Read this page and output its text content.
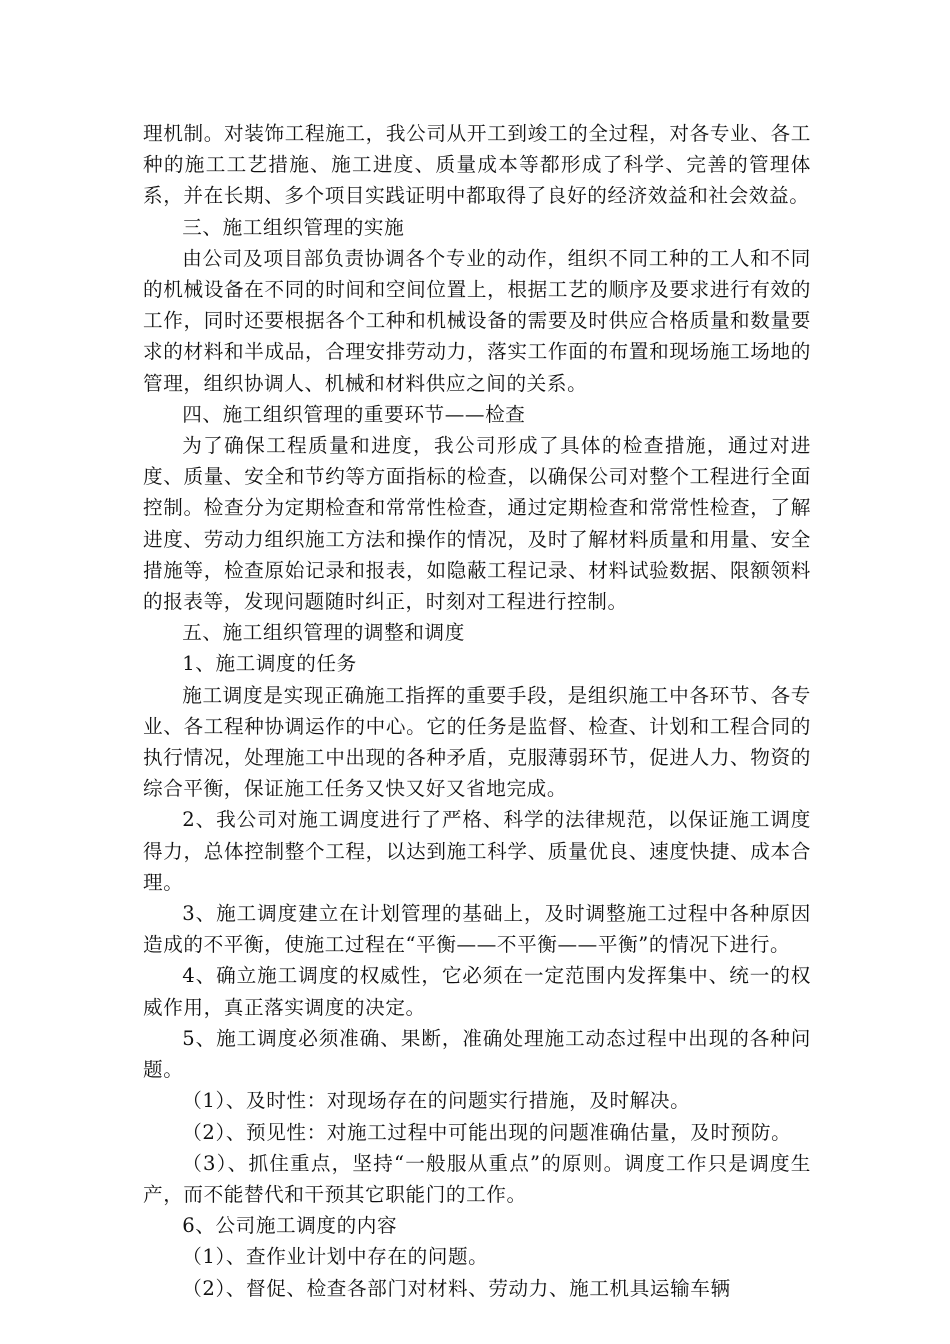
理机制。对装饰工程施工，我公司从开工到竣工的全过程，对各专业、各工种的施工工艺措施、施工进度、质量成本等都形成了科学、完善的管理体系，并在长期、多个项目实践证明中都取得了良好的经济效益和社会效益。

三、施工组织管理的实施

由公司及项目部负责协调各个专业的动作，组织不同工种的工人和不同的机械设备在不同的时间和空间位置上，根据工艺的顺序及要求进行有效的工作，同时还要根据各个工种和机械设备的需要及时供应合格质量和数量要求的材料和半成品，合理安排劳动力，落实工作面的布置和现场施工场地的管理，组织协调人、机械和材料供应之间的关系。

四、施工组织管理的重要环节——检查

为了确保工程质量和进度，我公司形成了具体的检查措施，通过对进度、质量、安全和节约等方面指标的检查，以确保公司对整个工程进行全面控制。检查分为定期检查和常常性检查，通过定期检查和常常性检查，了解进度、劳动力组织施工方法和操作的情况，及时了解材料质量和用量、安全措施等，检查原始记录和报表，如隐蔽工程记录、材料试验数据、限额领料的报表等，发现问题随时纠正，时刻对工程进行控制。

五、施工组织管理的调整和调度

1、施工调度的任务

施工调度是实现正确施工指挥的重要手段，是组织施工中各环节、各专业、各工程种协调运作的中心。它的任务是监督、检查、计划和工程合同的执行情况，处理施工中出现的各种矛盾，克服薄弱环节，促进人力、物资的综合平衡，保证施工任务又快又好又省地完成。

2、我公司对施工调度进行了严格、科学的法律规范，以保证施工调度得力，总体控制整个工程，以达到施工科学、质量优良、速度快捷、成本合理。

3、施工调度建立在计划管理的基础上，及时调整施工过程中各种原因造成的不平衡，使施工过程在“平衡——不平衡——平衡”的情况下进行。

4、确立施工调度的权威性，它必须在一定范围内发挥集中、统一的权威作用，真正落实调度的决定。

5、施工调度必须准确、果断，准确处理施工动态过程中出现的各种问题。

（1）、及时性：对现场存在的问题实行措施，及时解决。

（2）、预见性：对施工过程中可能出现的问题准确估量，及时预防。

（3）、抓住重点，坚持“一般服从重点”的原则。调度工作只是调度生产，而不能替代和干预其它职能门的工作。

6、公司施工调度的内容

（1）、查作业计划中存在的问题。

（2）、督促、检查各部门对材料、劳动力、施工机具运输车辆
